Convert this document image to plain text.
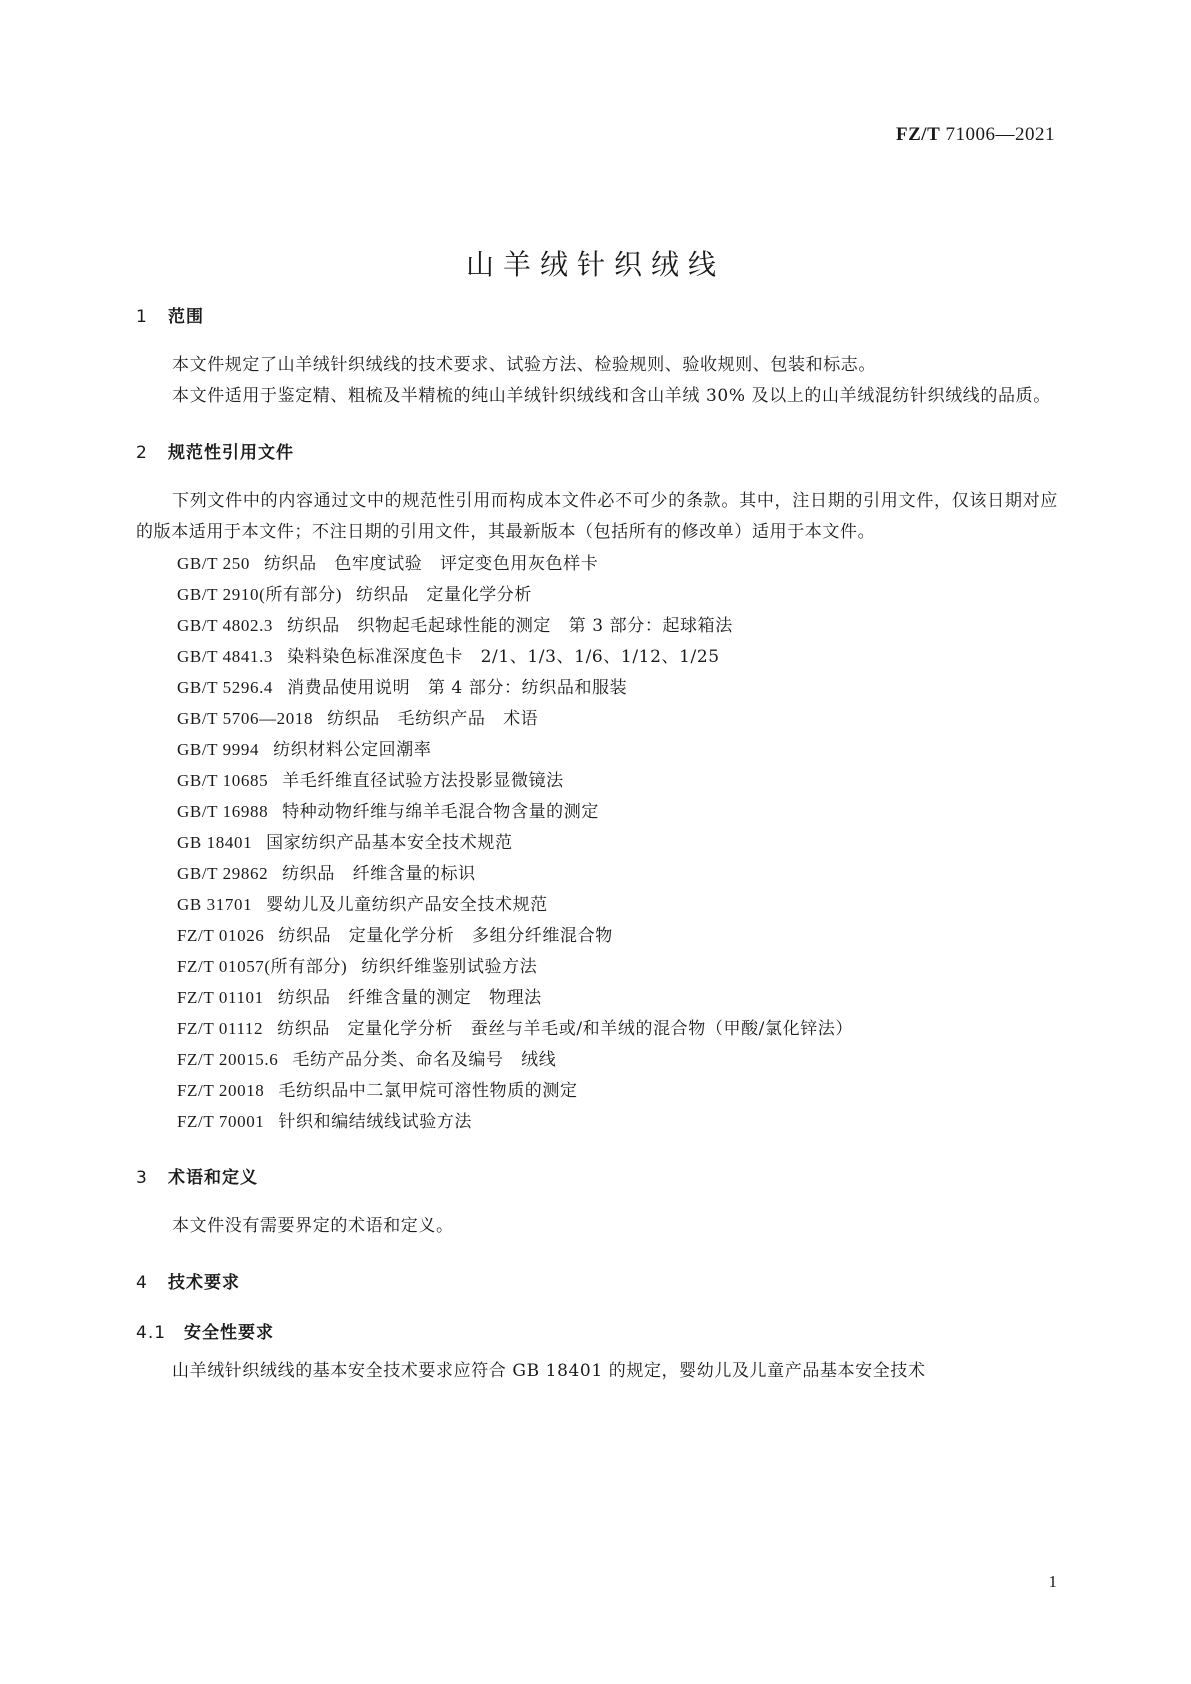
FZ/T 71006—2021
山羊绒针织绒线
1 范围

本文件规定了山羊绒针织绒线的技术要求、试验方法、检验规则、验收规则、包装和标志。

本文件适用于鉴定精、粗梳及半精梳的纯山羊绒针织绒线和含山羊绒 30% 及以上的山羊绒混纺针织绒线的品质。

2 规范性引用文件

下列文件中的内容通过文中的规范性引用而构成本文件必不可少的条款。其中，注日期的引用文件，仅该日期对应的版本适用于本文件；不注日期的引用文件，其最新版本（包括所有的修改单）适用于本文件。

GB/T 250 纺织品　色牢度试验　评定变色用灰色样卡
GB/T 2910(所有部分) 纺织品　定量化学分析
GB/T 4802.3 纺织品　织物起毛起球性能的测定　第 3 部分：起球箱法
GB/T 4841.3 染料染色标准深度色卡　2/1、1/3、1/6、1/12、1/25
GB/T 5296.4 消费品使用说明　第 4 部分：纺织品和服装
GB/T 5706—2018 纺织品　毛纺织产品　术语
GB/T 9994 纺织材料公定回潮率
GB/T 10685 羊毛纤维直径试验方法投影显微镜法
GB/T 16988 特种动物纤维与绵羊毛混合物含量的测定
GB 18401 国家纺织产品基本安全技术规范
GB/T 29862 纺织品　纤维含量的标识
GB 31701 婴幼儿及儿童纺织产品安全技术规范
FZ/T 01026 纺织品　定量化学分析　多组分纤维混合物
FZ/T 01057(所有部分) 纺织纤维鉴别试验方法
FZ/T 01101 纺织品　纤维含量的测定　物理法
FZ/T 01112 纺织品　定量化学分析　蚕丝与羊毛或/和羊绒的混合物（甲酸/氯化锌法）
FZ/T 20015.6 毛纺产品分类、命名及编号　绒线
FZ/T 20018 毛纺织品中二氯甲烷可溶性物质的测定
FZ/T 70001 针织和编结绒线试验方法
3 术语和定义

本文件没有需要界定的术语和定义。

4 技术要求
4.1 安全性要求

山羊绒针织绒线的基本安全技术要求应符合 GB 18401 的规定，婴幼儿及儿童产品基本安全技术

1
